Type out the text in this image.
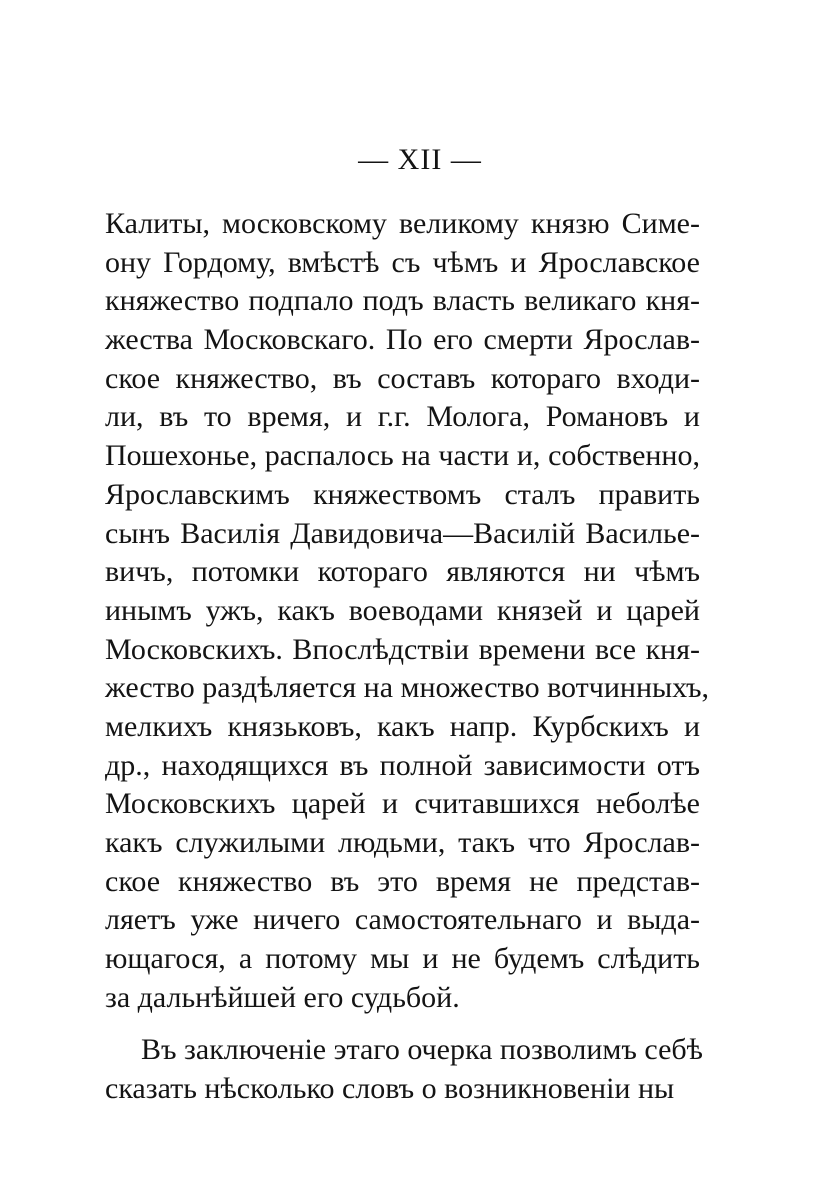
— XII —
Калиты, московскому великому князю Симе-
ону Гордому, вмѣстѣ съ чѣмъ и Ярославское
княжество подпало подъ власть великаго кня-
жества Московскаго. По его смерти Ярослав-
ское княжество, въ составъ котораго входи-
ли, въ то время, и г.г. Молога, Романовъ и
Пошехонье, распалось на части и, собственно,
Ярославскимъ княжествомъ сталъ править
сынъ Василія Давидовича—Василій Василье-
вичъ, потомки котораго являются ни чѣмъ
инымъ ужъ, какъ воеводами князей и царей
Московскихъ. Впослѣдствіи времени все кня-
жество раздѣляется на множество вотчинныхъ,
мелкихъ князьковъ, какъ напр. Курбскихъ и
др., находящихся въ полной зависимости отъ
Московскихъ царей и считавшихся неболѣе
какъ служилыми людьми, такъ что Ярослав-
ское княжество въ это время не представ-
ляетъ уже ничего самостоятельнаго и выда-
ющагося, а потому мы и не будемъ слѣдить
за дальнѣйшей его судьбой.
Въ заключеніе этаго очерка позволимъ себѣ
сказать нѣсколько словъ о возникновеніи ны
